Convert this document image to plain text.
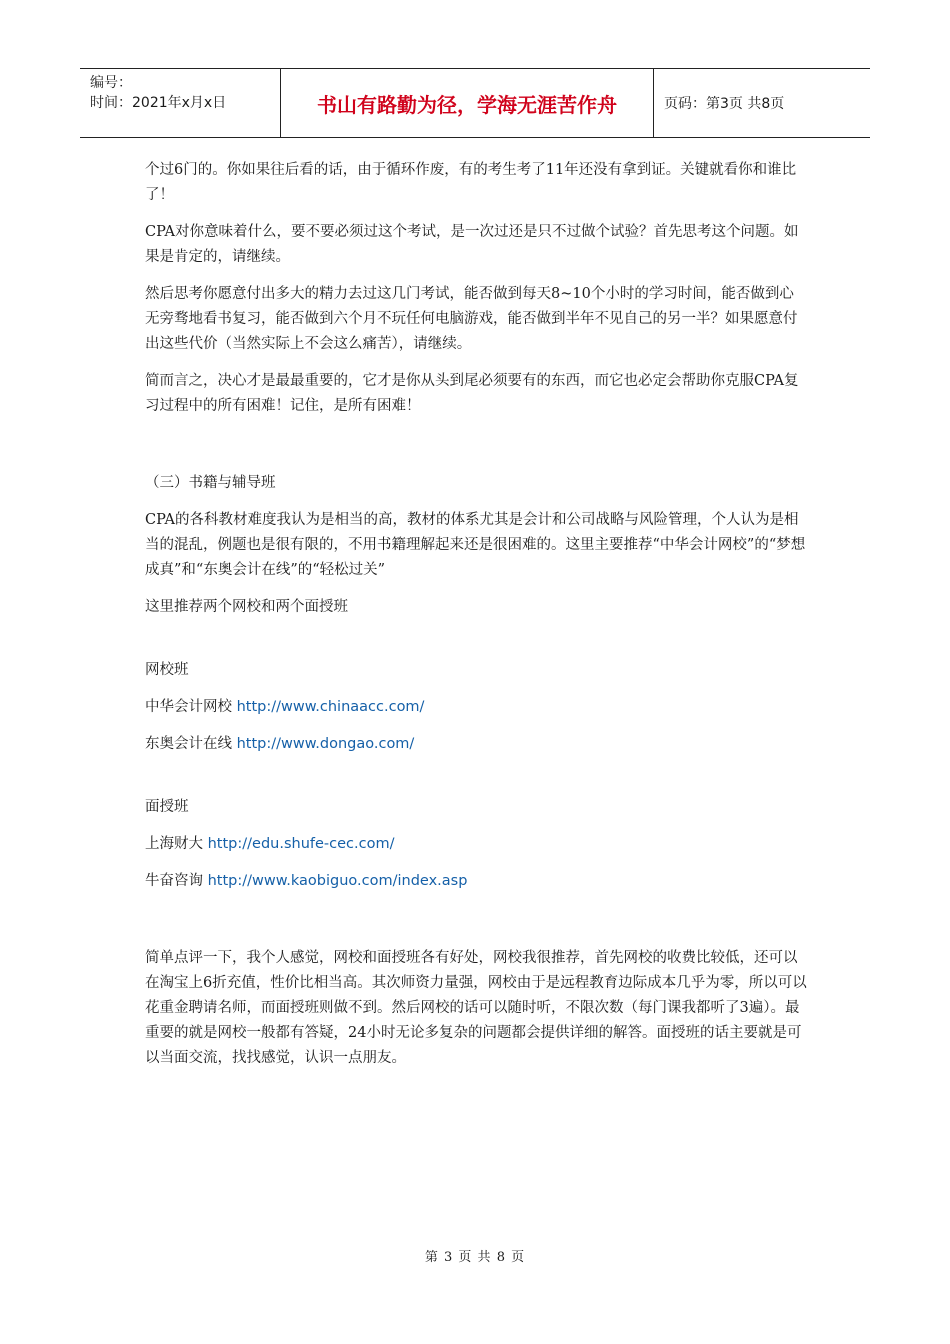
编号：
时间：2021年x月x日	书山有路勤为径，学海无涯苦作舟	页码：第3页 共8页

个过6门的。你如果往后看的话，由于循环作废，有的考生考了11年还没有拿到证。关键就看你和谁比了！

CPA对你意味着什么，要不要必须过这个考试，是一次过还是只不过做个试验？首先思考这个问题。如果是肯定的，请继续。

然后思考你愿意付出多大的精力去过这几门考试，能否做到每天8~10个小时的学习时间，能否做到心无旁骛地看书复习，能否做到六个月不玩任何电脑游戏，能否做到半年不见自己的另一半？如果愿意付出这些代价（当然实际上不会这么痛苦），请继续。

简而言之，决心才是最最重要的，它才是你从头到尾必须要有的东西，而它也必定会帮助你克服CPA复习过程中的所有困难！记住，是所有困难！

（三）书籍与辅导班

CPA的各科教材难度我认为是相当的高，教材的体系尤其是会计和公司战略与风险管理，个人认为是相当的混乱，例题也是很有限的，不用书籍理解起来还是很困难的。这里主要推荐“中华会计网校”的“梦想成真”和“东奥会计在线”的“轻松过关”

这里推荐两个网校和两个面授班

网校班

中华会计网校 http://www.chinaacc.com/

东奥会计在线 http://www.dongao.com/

面授班

上海财大 http://edu.shufe-cec.com/

牛奋咨询 http://www.kaobiguo.com/index.asp

简单点评一下，我个人感觉，网校和面授班各有好处，网校我很推荐，首先网校的收费比较低，还可以在淘宝上6折充值，性价比相当高。其次师资力量强，网校由于是远程教育边际成本几乎为零，所以可以花重金聘请名师，而面授班则做不到。然后网校的话可以随时听，不限次数（每门课我都听了3遍）。最重要的就是网校一般都有答疑，24小时无论多复杂的问题都会提供详细的解答。面授班的话主要就是可以当面交流，找找感觉，认识一点朋友。

第 3 页 共 8 页
